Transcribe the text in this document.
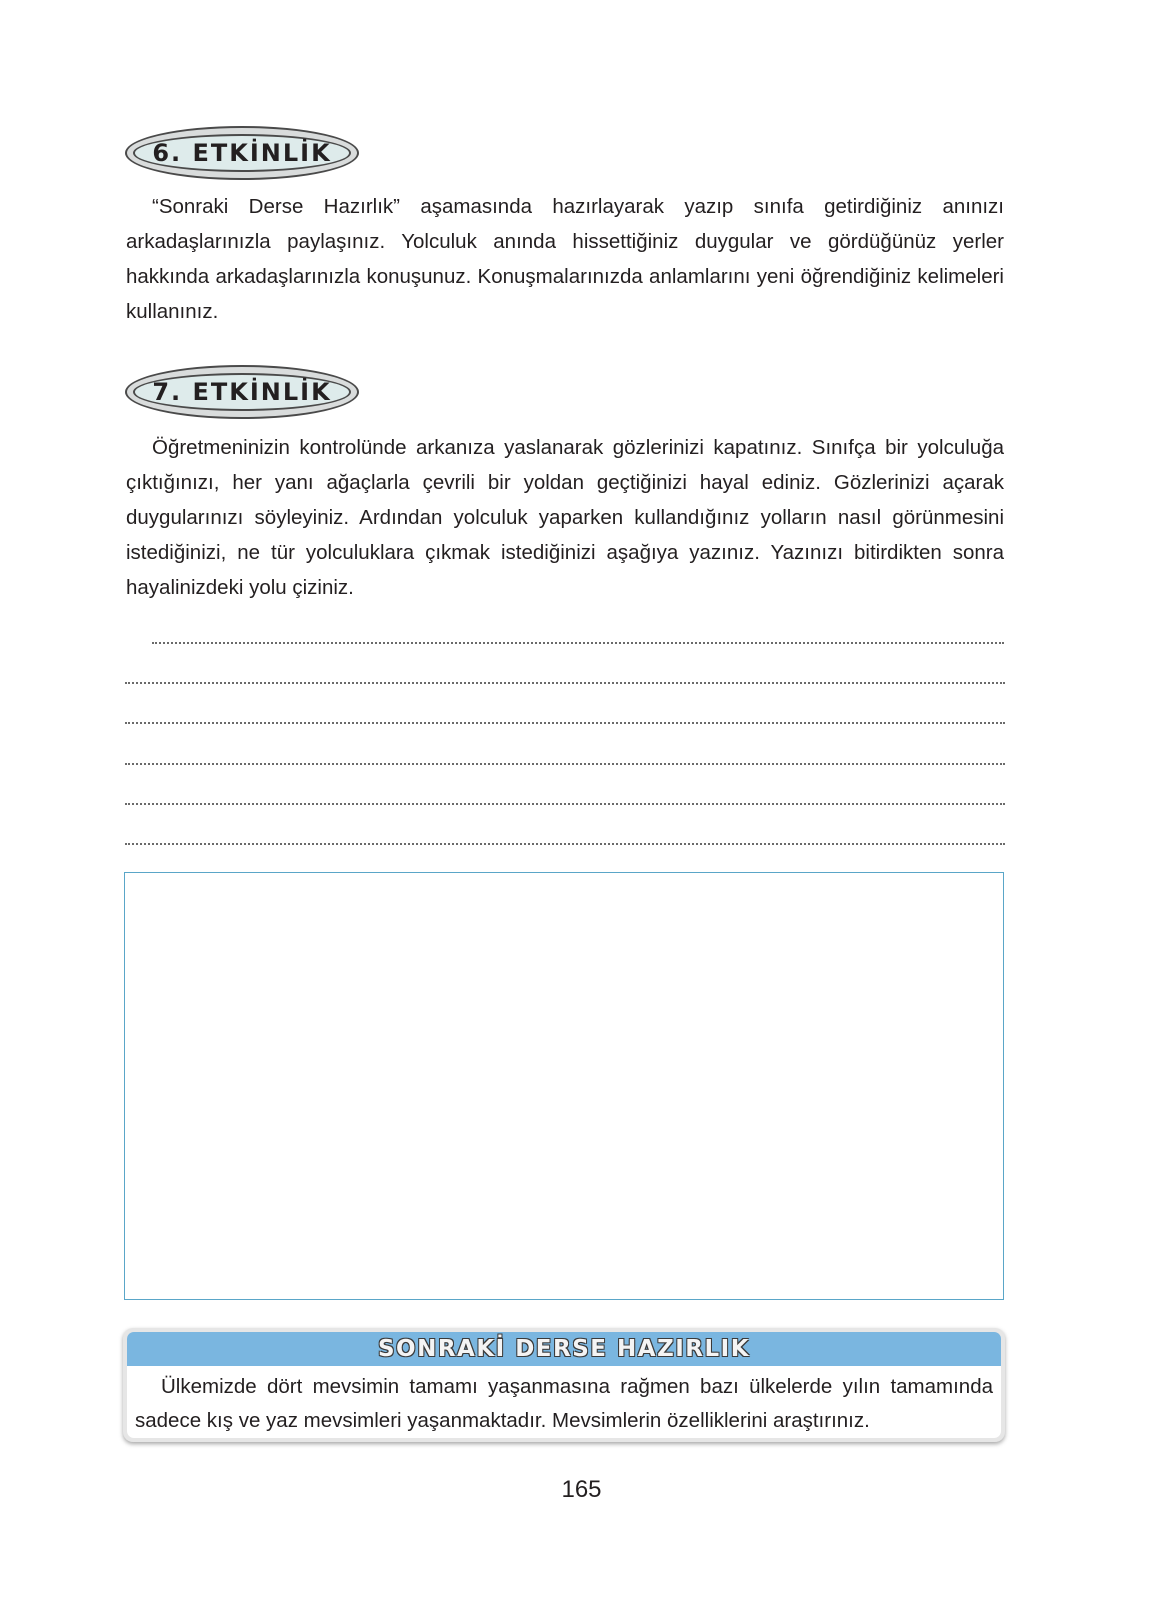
6. ETKİNLİK

“Sonraki Derse Hazırlık” aşamasında hazırlayarak yazıp sınıfa getirdiğiniz anınızı arkadaşlarınızla paylaşınız. Yolculuk anında hissettiğiniz duygular ve gördüğünüz yerler hakkında arkadaşlarınızla konuşunuz. Konuşmalarınızda anlamlarını yeni öğrendiğiniz kelimeleri kullanınız.

7. ETKİNLİK

Öğretmeninizin kontrolünde arkanıza yaslanarak gözlerinizi kapatınız. Sınıfça bir yolculuğa çıktığınızı, her yanı ağaçlarla çevrili bir yoldan geçtiğinizi hayal ediniz. Gözlerinizi açarak duygularınızı söyleyiniz. Ardından yolculuk yaparken kullandığınız yolların nasıl görünmesini istediğinizi, ne tür yolculuklara çıkmak istediğinizi aşağıya yazınız. Yazınızı bitirdikten sonra hayalinizdeki yolu çiziniz.

SONRAKİ DERSE HAZIRLIK

Ülkemizde dört mevsimin tamamı yaşanmasına rağmen bazı ülkelerde yılın tamamında sadece kış ve yaz mevsimleri yaşanmaktadır. Mevsimlerin özelliklerini araştırınız.

165
